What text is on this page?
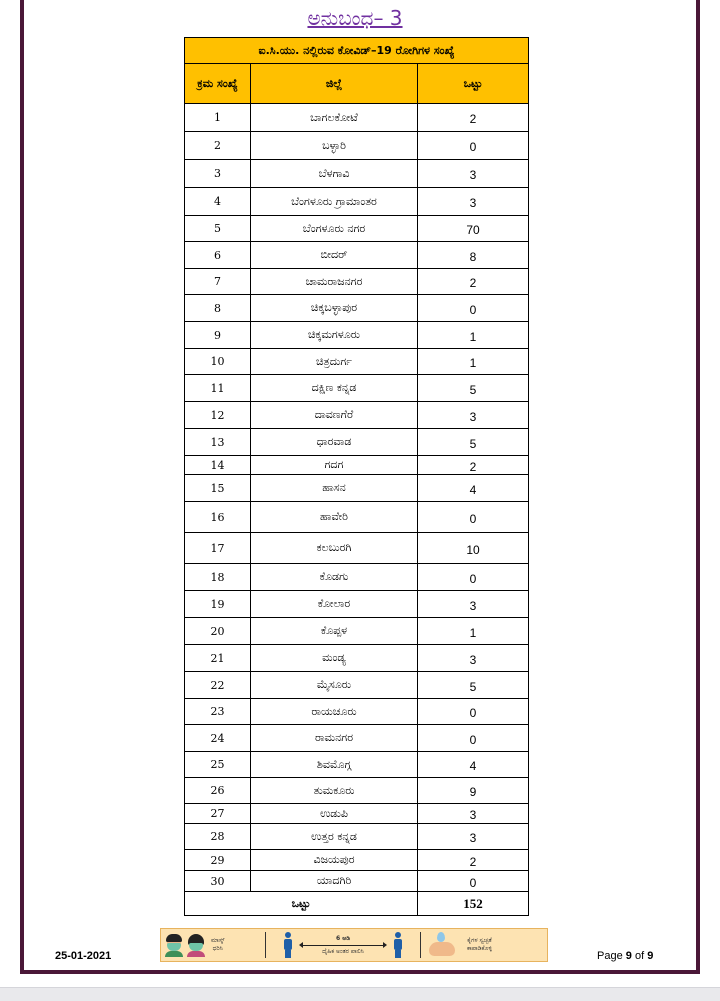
ಅನುಬಂಧ– 3
ಐ.ಸಿ.ಯು. ನಲ್ಲಿರುವ ಕೋವಿಡ್–19 ರೋಗಿಗಳ ಸಂಖ್ಯೆ		
ಕ್ರಮ ಸಂಖ್ಯೆ	ಜಿಲ್ಲೆ	ಒಟ್ಟು
1	ಬಾಗಲಕೋಟೆ	2
2	ಬಳ್ಳಾರಿ	0
3	ಬೆಳಗಾವಿ	3
4	ಬೆಂಗಳೂರು ಗ್ರಾಮಾಂತರ	3
5	ಬೆಂಗಳೂರು ನಗರ	70
6	ಬೀದರ್	8
7	ಚಾಮರಾಜನಗರ	2
8	ಚಿಕ್ಕಬಳ್ಳಾಪುರ	0
9	ಚಿಕ್ಕಮಗಳೂರು	1
10	ಚಿತ್ರದುರ್ಗ	1
11	ದಕ್ಷಿಣ ಕನ್ನಡ	5
12	ದಾವಣಗೆರೆ	3
13	ಧಾರವಾಡ	5
14	ಗದಗ	2
15	ಹಾಸನ	4
16	ಹಾವೇರಿ	0
17	ಕಲಬುರಗಿ	10
18	ಕೊಡಗು	0
19	ಕೋಲಾರ	3
20	ಕೊಪ್ಪಳ	1
21	ಮಂಡ್ಯ	3
22	ಮೈಸೂರು	5
23	ರಾಯಚೂರು	0
24	ರಾಮನಗರ	0
25	ಶಿವಮೊಗ್ಗ	4
26	ತುಮಕೂರು	9
27	ಉಡುಪಿ	3
28	ಉತ್ತರ ಕನ್ನಡ	3
29	ವಿಜಯಪುರ	2
30	ಯಾದಗಿರಿ	0
ಒಟ್ಟು		152
ಮಾಸ್ಕ್
ಧರಿಸಿ
6 ಅಡಿ
ದೈಹಿಕ ಅಂತರ ಪಾಲಿಸಿ
ಕೈಗಳ ಸ್ವಚ್ಛತೆ
ಕಾಪಾಡಿಕೊಳ್ಳಿ
25-01-2021	Page 9 of 9
